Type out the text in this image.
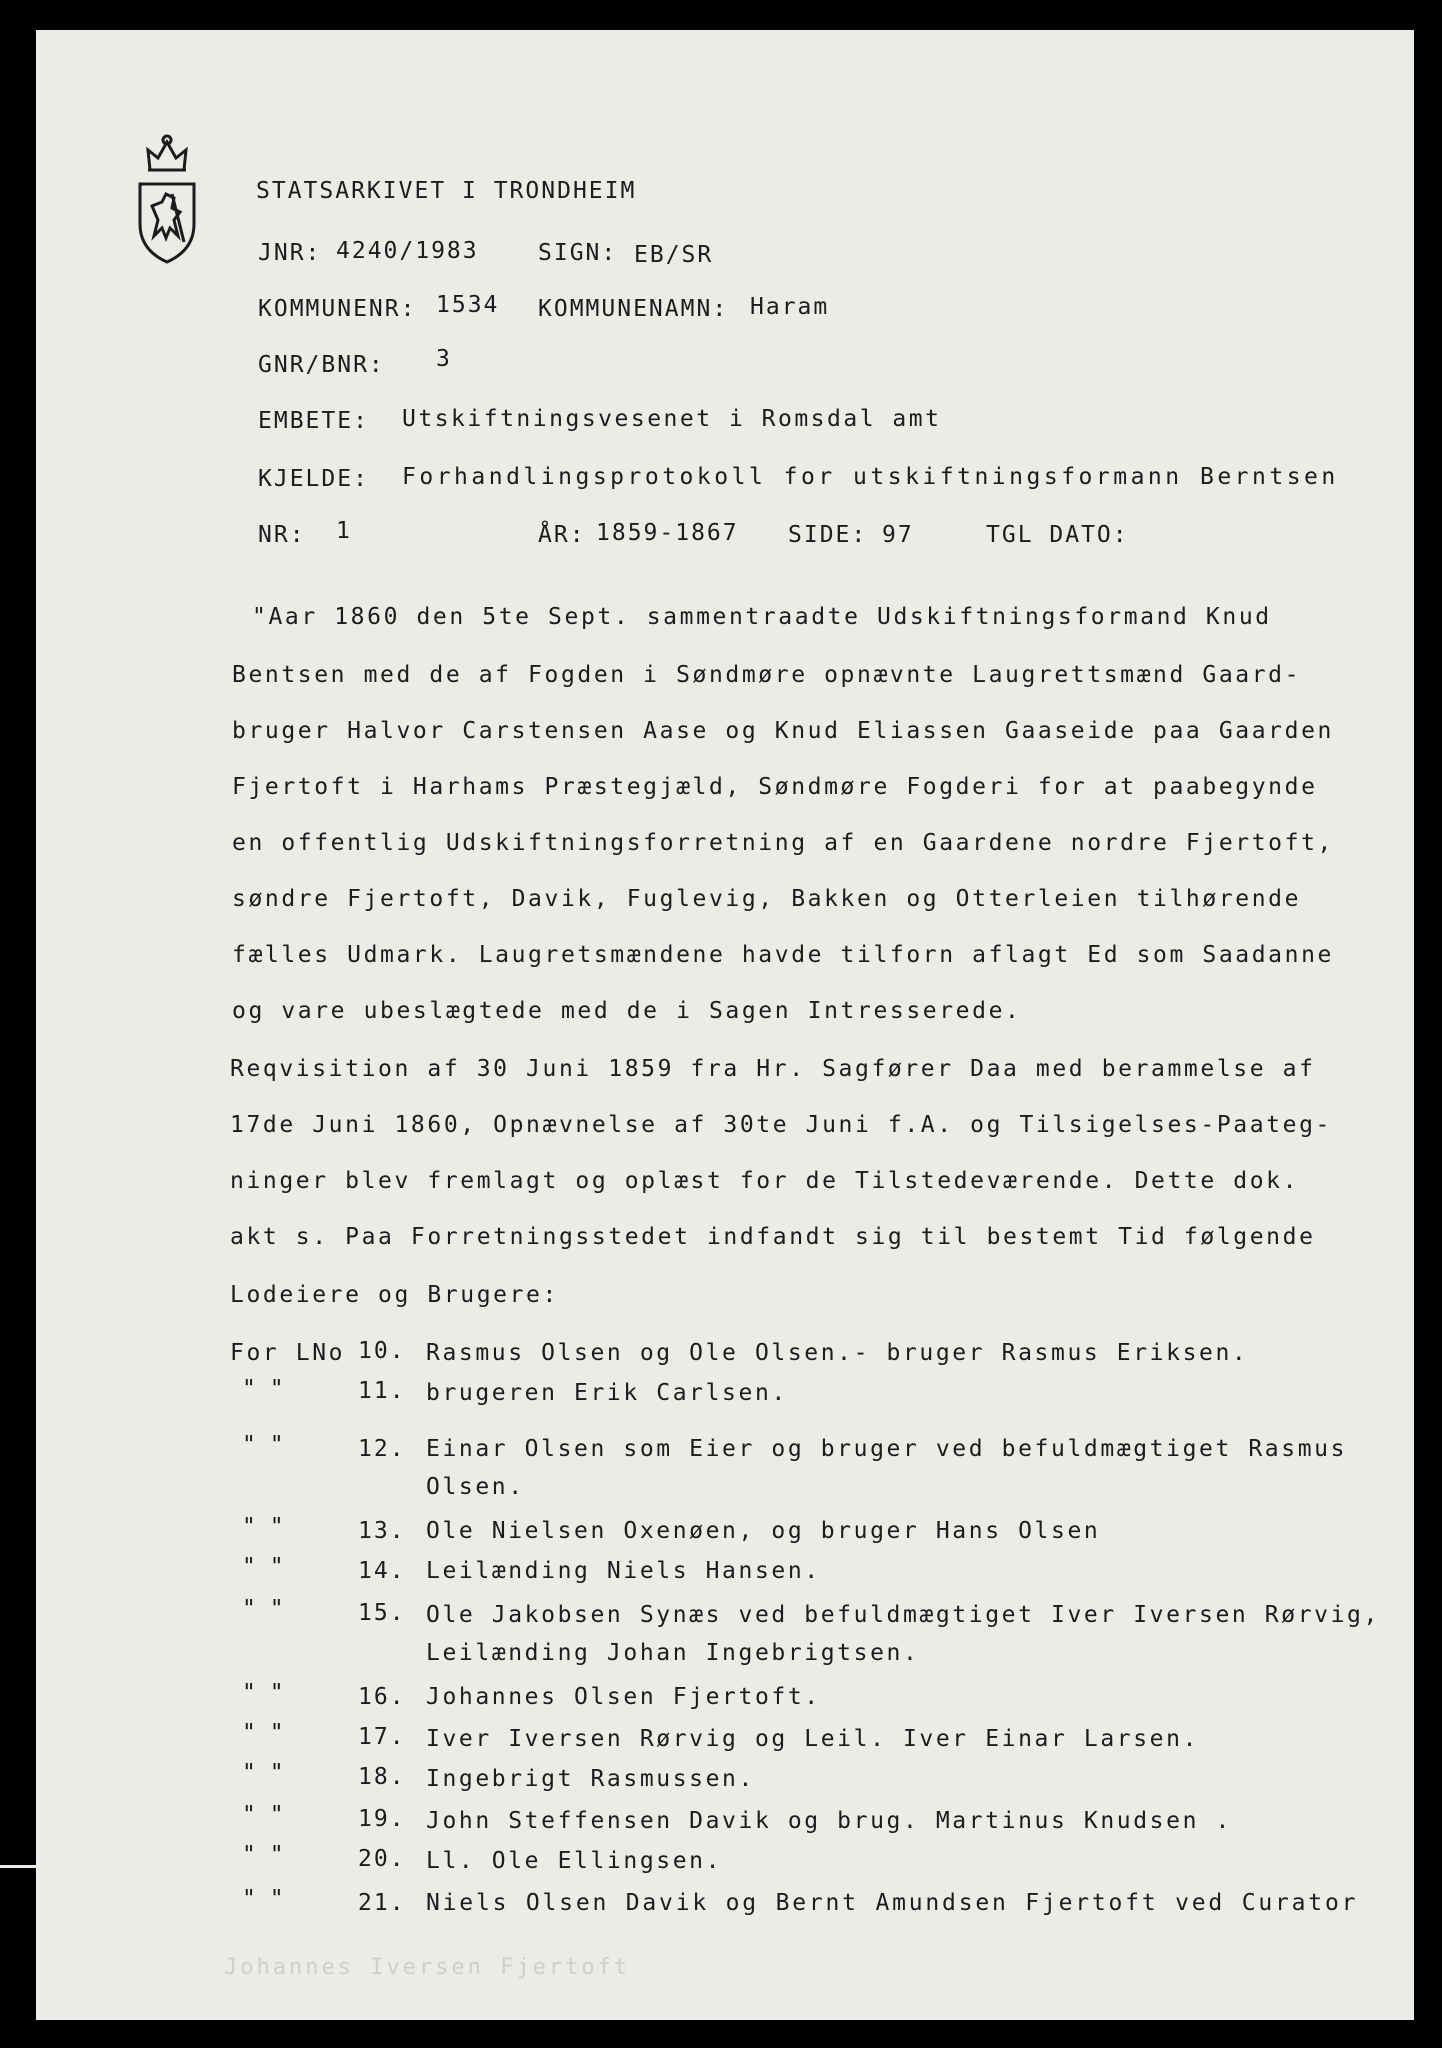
STATSARKIVET I TRONDHEIM
JNR: 4240/1983	SIGN: EB/SR
KOMMUNENR: 1534 KOMMUNENAMN: Haram
GNR/BNR: 3
EMBETE: Utskiftningsvesenet i Romsdal amt
KJELDE: Forhandlingsprotokoll for utskiftningsformann Berntsen
NR: 1	ÅR: 1859-1867 SIDE: 97	TGL DATO:
"Aar 1860 den 5te Sept. sammentraadte Udskiftningsformand Knud
Bentsen med de af Fogden i Søndmøre opnævnte Laugrettsmænd Gaard-
bruger Halvor Carstensen Aase og Knud Eliassen Gaaseide paa Gaarden
Fjertoft i Harhams Præstegjæld, Søndmøre Fogderi for at paabegynde
en offentlig Udskiftningsforretning af en Gaardene nordre Fjertoft,
søndre Fjertoft, Davik, Fuglevig, Bakken og Otterleien tilhørende
fælles Udmark. Laugretsmændene havde tilforn aflagt Ed som Saadanne
og vare ubeslægtede med de i Sagen Intresserede.
Reqvisition af 30 Juni 1859 fra Hr. Sagfører Daa med berammelse af
17de Juni 1860, Opnævnelse af 30te Juni f.A. og Tilsigelses-Paateg-
ninger blev fremlagt og oplæst for de Tilstedeværende. Dette dok.
akt s. Paa Forretningsstedet indfandt sig til bestemt Tid følgende
Lodeiere og Brugere:
For LNo 10. Rasmus Olsen og Ole Olsen.- bruger Rasmus Eriksen.
" "	11. brugeren Erik Carlsen.
" "	12. Einar Olsen som Eier og bruger ved befuldmægtiget Rasmus
Olsen.
" "	13. Ole Nielsen Oxenøen, og bruger Hans Olsen
" "	14. Leilænding Niels Hansen.
" "	15. Ole Jakobsen Synæs ved befuldmægtiget Iver Iversen Rørvig,
Leilænding Johan Ingebrigtsen.
" "	16. Johannes Olsen Fjertoft.
" "	17. Iver Iversen Rørvig og Leil. Iver Einar Larsen.
" "	18. Ingebrigt Rasmussen.
" "	19. John Steffensen Davik og brug. Martinus Knudsen .
" "	20. Ll. Ole Ellingsen.
" "	21. Niels Olsen Davik og Bernt Amundsen Fjertoft ved Curator
Johannes Iversen Fjertoft
